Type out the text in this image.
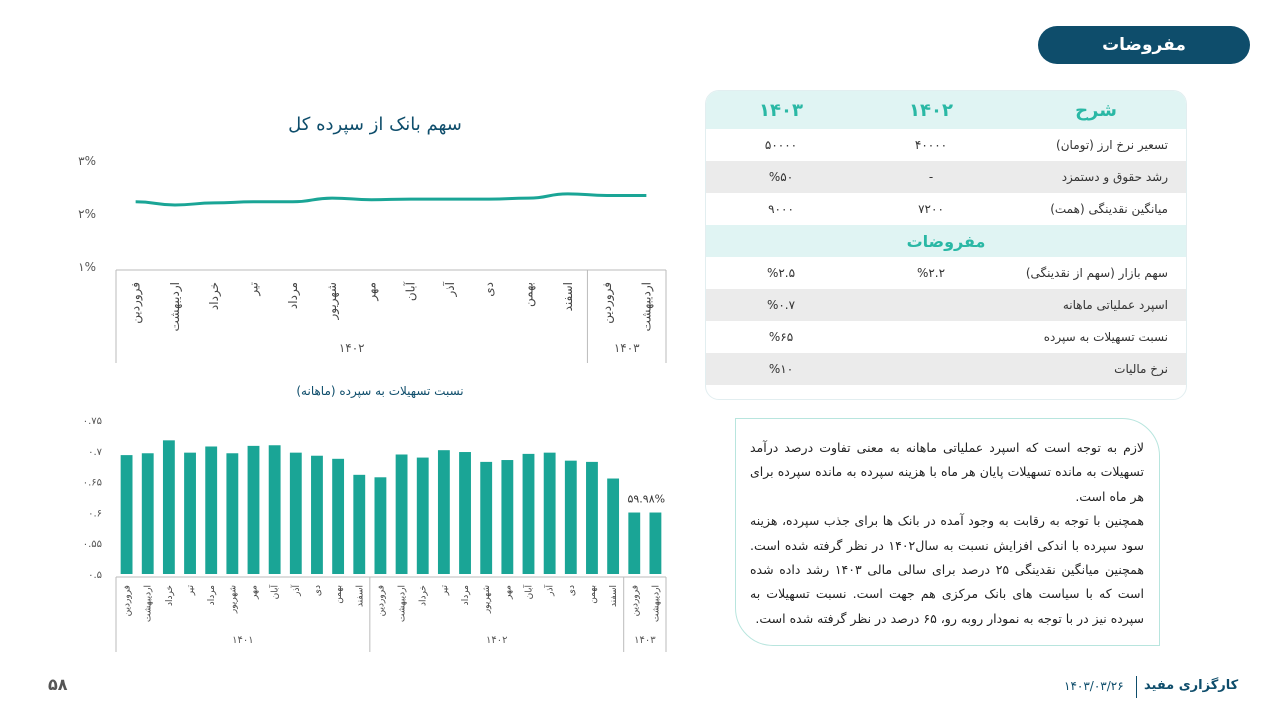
مفروضات
سهم بانک از سپرده کل
۱%
۲%
۳%
فروردین اردیبهشت خرداد تیر مرداد شهریور مهر آبان آذر دی بهمن اسفند فروردین اردیبهشت
۱۴۰۲	۱۴۰۳
نسبت تسهیلات به سپرده (ماهانه)
۰.۵
۰.۵۵
۰.۶
۰.۶۵
۰.۷
۰.۷۵
۵۹.۹۸%
فروردین اردیبهشت خرداد تیر مرداد شهریور مهر آبان آذر دی بهمن اسفند فروردین اردیبهشت خرداد تیر مرداد شهریور مهر آبان آذر دی بهمن اسفند فروردین اردیبهشت
۱۴۰۱	۱۴۰۲	۱۴۰۳
شرح	۱۴۰۲	۱۴۰۳
تسعیر نرخ ارز (تومان)	۴۰۰۰۰	۵۰۰۰۰
رشد حقوق و دستمزد	-	%۵۰
میانگین نقدینگی (همت)	۷۲۰۰	۹۰۰۰
مفروضات		
سهم بازار (سهم از نقدینگی)	%۲.۲	%۲.۵
اسپرد عملیاتی ماهانه		%۰.۷
نسبت تسهیلات به سپرده		%۶۵
نرخ مالیات		%۱۰
لازم به توجه است که اسپرد عملیاتی ماهانه به معنی تفاوت درصد درآمد تسهیلات به مانده تسهیلات پایان هر ماه با هزینه سپرده به مانده سپرده برای هر ماه است.
همچنین با توجه به رقابت به وجود آمده در بانک ها برای جذب سپرده، هزینه سود سپرده با اندکی افزایش نسبت به سال۱۴۰۲ در نظر گرفته شده است. همچنین میانگین نقدینگی ۲۵ درصد برای سالی مالی ۱۴۰۳ رشد داده شده است که با سیاست های بانک مرکزی هم جهت است. نسبت تسهیلات به سپرده نیز در با توجه به نمودار روبه رو، ۶۵ درصد در نظر گرفته شده است.
کارگزاری مفید
۱۴۰۳/۰۳/۲۶
۵۸
